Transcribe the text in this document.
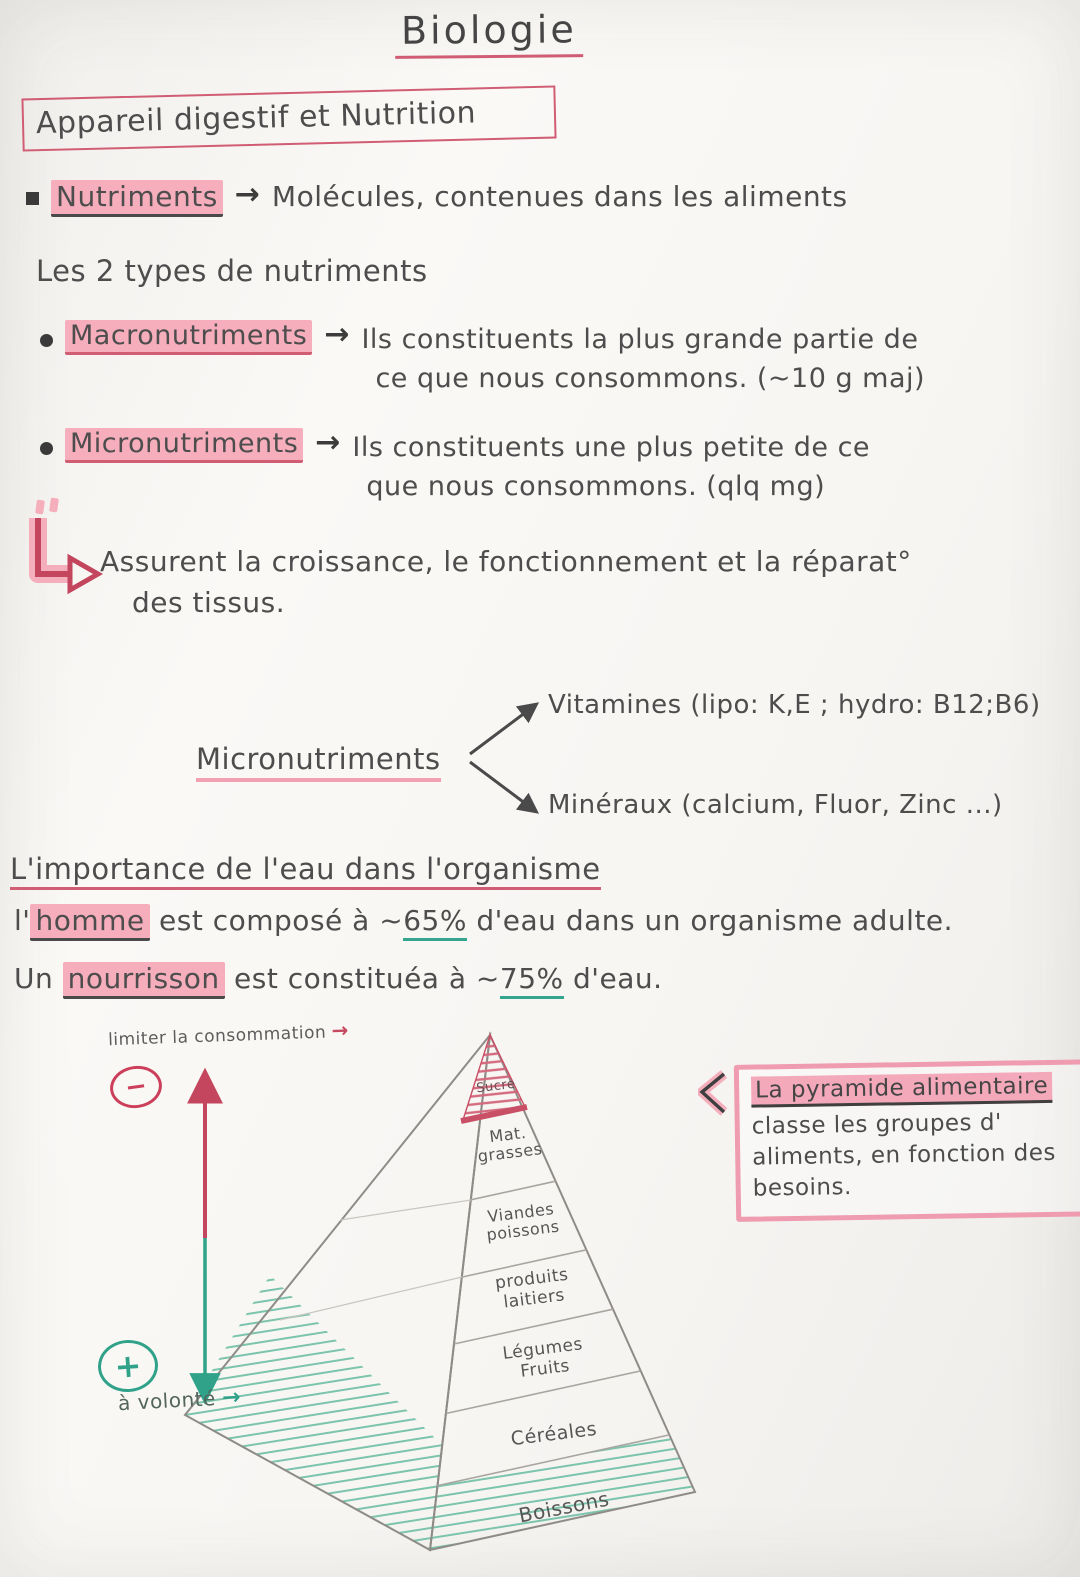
Biologie
Appareil digestif et Nutrition
Nutriments → Molécules, contenues dans les aliments
Les 2 types de nutriments
Macronutriments → Ils constituents la plus grande partie de
ce que nous consommons. (~10 g maj)
Micronutriments → Ils constituents une plus petite de ce
que nous consommons. (qlq mg)
Assurent la croissance, le fonctionnement et la réparat°
des tissus.
Micronutriments
Vitamines (lipo: K,E ; hydro: B12;B6)
Minéraux (calcium, Fluor, Zinc ...)
L'importance de l'eau dans l'organisme
l' homme est composé à ~65% d'eau dans un organisme adulte.
Un nourrisson est constituéa à ~75% d'eau.
Sucre
Mat. grasses
Viandes poissons
produits laitiers
Légumes Fruits
Céréales
Boissons
limiter la consommation →
−
+
à volonté →
La pyramide alimentaire
classe les groupes d' aliments, en fonction des besoins.
